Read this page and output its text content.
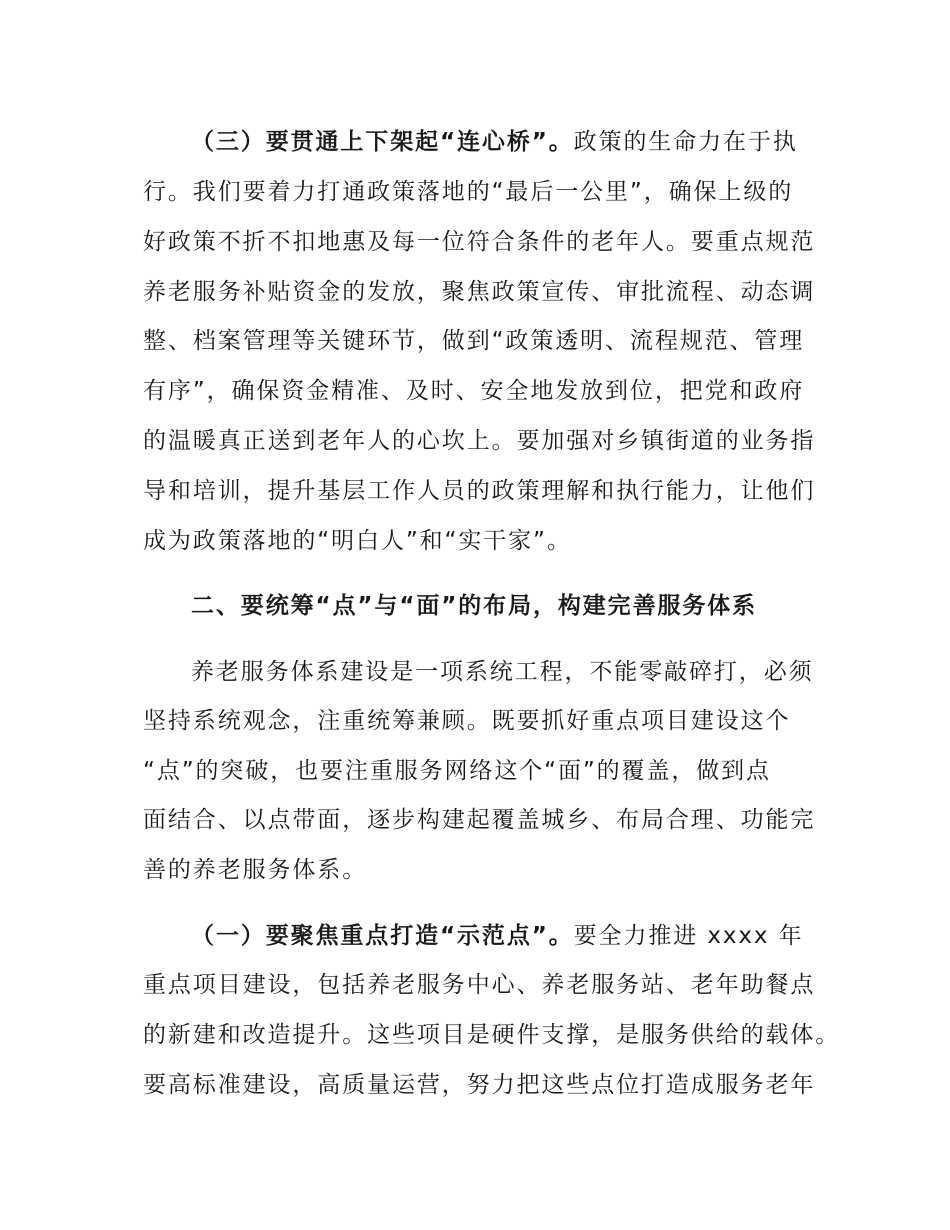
（三）要贯通上下架起“连心桥”。政策的生命力在于执
行。我们要着力打通政策落地的“最后一公里”，确保上级的
好政策不折不扣地惠及每一位符合条件的老年人。要重点规范
养老服务补贴资金的发放，聚焦政策宣传、审批流程、动态调
整、档案管理等关键环节，做到“政策透明、流程规范、管理
有序”，确保资金精准、及时、安全地发放到位，把党和政府
的温暖真正送到老年人的心坎上。要加强对乡镇街道的业务指
导和培训，提升基层工作人员的政策理解和执行能力，让他们
成为政策落地的“明白人”和“实干家”。
二、要统筹“点”与“面”的布局，构建完善服务体系
养老服务体系建设是一项系统工程，不能零敲碎打，必须
坚持系统观念，注重统筹兼顾。既要抓好重点项目建设这个
“点”的突破，也要注重服务网络这个“面”的覆盖，做到点
面结合、以点带面，逐步构建起覆盖城乡、布局合理、功能完
善的养老服务体系。
（一）要聚焦重点打造“示范点”。要全力推进 xxxx 年
重点项目建设，包括养老服务中心、养老服务站、老年助餐点
的新建和改造提升。这些项目是硬件支撑，是服务供给的载体。
要高标准建设，高质量运营，努力把这些点位打造成服务老年
